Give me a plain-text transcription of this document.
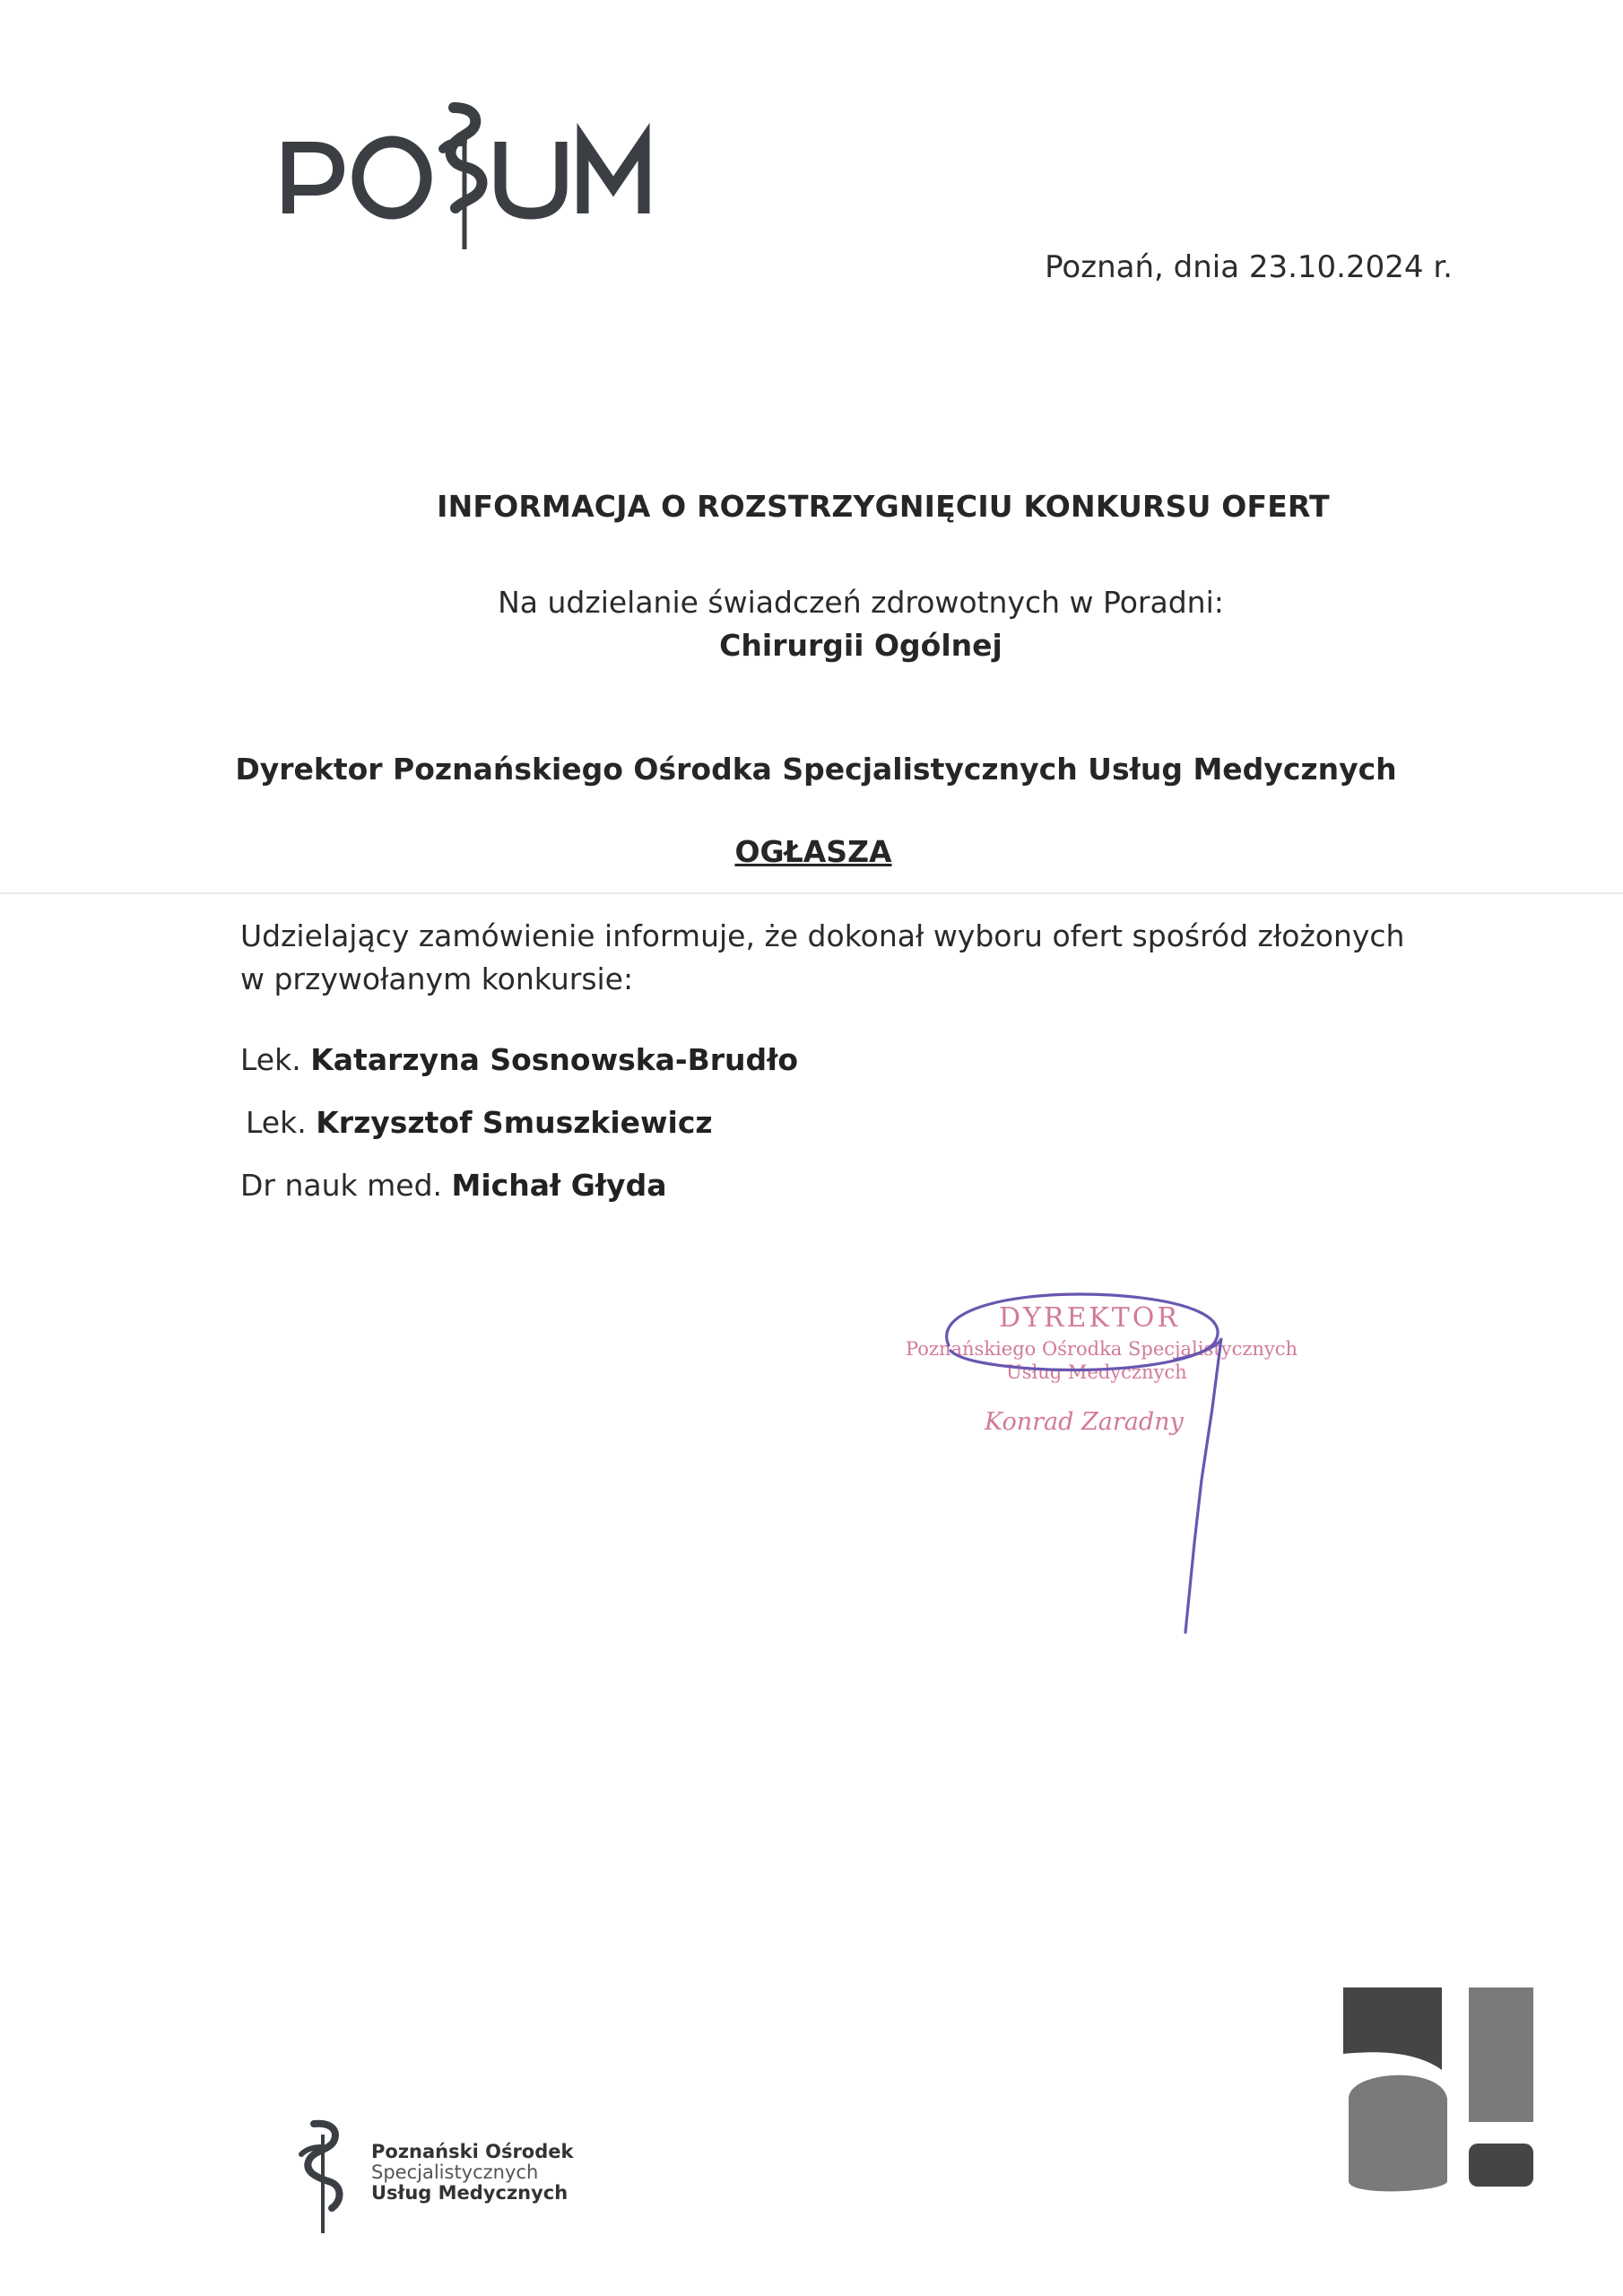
Poznań, dnia 23.10.2024 r.
INFORMACJA O ROZSTRZYGNIĘCIU KONKURSU OFERT
Na udzielanie świadczeń zdrowotnych w Poradni:
Chirurgii Ogólnej
Dyrektor Poznańskiego Ośrodka Specjalistycznych Usług Medycznych
OGŁASZA
Udzielający zamówienie informuje, że dokonał wyboru ofert spośród złożonych w przywołanym konkursie:
Lek. Katarzyna Sosnowska-Brudło
Lek. Krzysztof Smuszkiewicz
Dr nauk med. Michał Głyda
DYREKTOR
Poznańskiego Ośrodka Specjalistycznych
Usług Medycznych
Konrad Zaradny
Poznański Ośrodek
Specjalistycznych
Usług Medycznych
